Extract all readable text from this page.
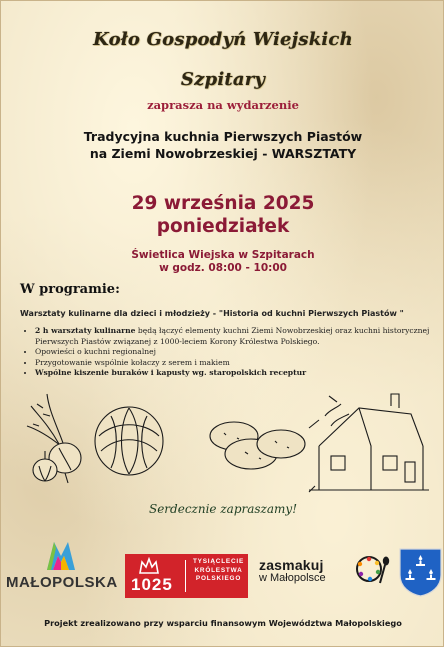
Koło Gospodyń Wiejskich
Szpitary
zaprasza na wydarzenie
Tradycyjna kuchnia Pierwszych Piastów
na Ziemi Nowobrzeskiej - WARSZTATY
29 września 2025
poniedziałek
Świetlica Wiejska w Szpitarach
w godz. 08:00 - 10:00
W programie:
Warsztaty kulinarne dla dzieci i młodzieży - "Historia od kuchni Pierwszych Piastów "
• 2 h warsztaty kulinarne będą łączyć elementy kuchni Ziemi Nowobrzeskiej oraz kuchni historycznej Pierwszych Piastów związanej z 1000-leciem Korony Królestwa Polskiego.
• Opowieści o kuchni regionalnej
• Przygotowanie wspólnie kołaczy z serem i makiem
• Wspólne kiszenie buraków i kapusty wg. staropolskich receptur
Serdecznie zapraszamy!
MAŁOPOLSKA 1025
TYSIĄCLECIE
KRÓLESTWA
POLSKIEGO
zasmakuj
w Małopolsce
Projekt zrealizowano przy wsparciu finansowym Województwa Małopolskiego
